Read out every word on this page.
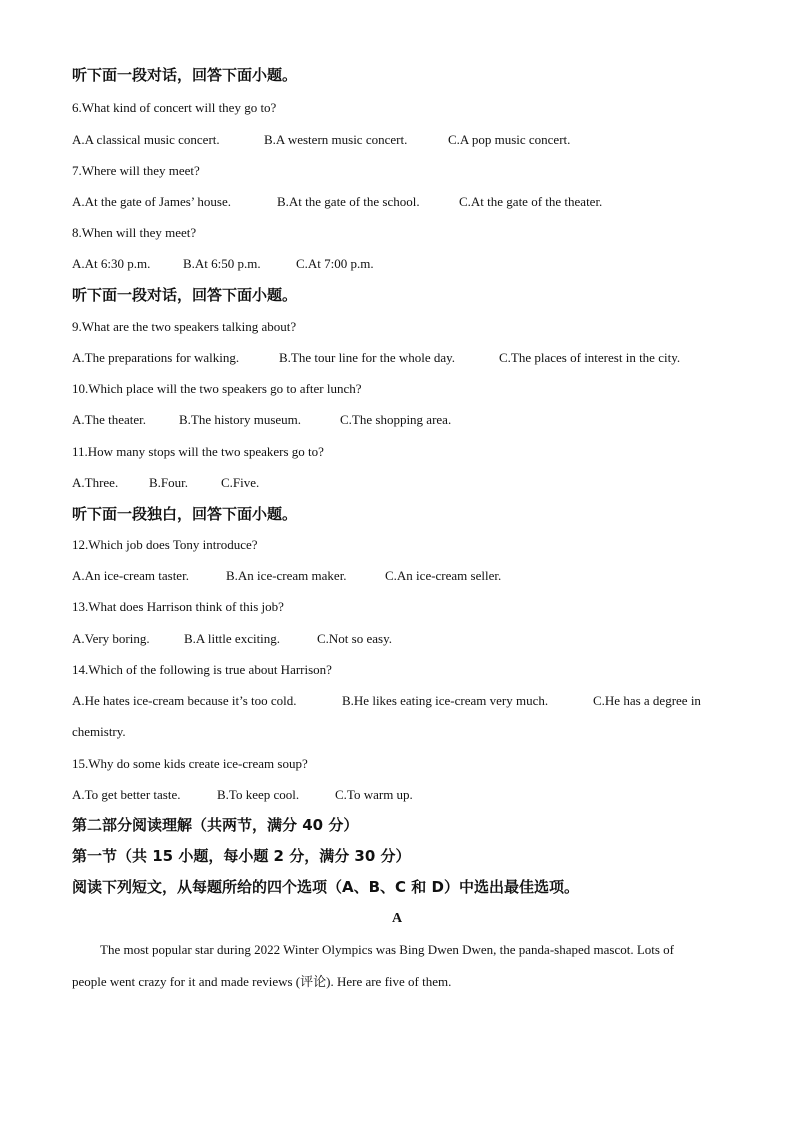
听下面一段对话，回答下面小题。
6.What kind of concert will they go to?
A.A classical music concert.	B.A western music concert.	C.A pop music concert.
7.Where will they meet?
A.At the gate of James’ house.	B.At the gate of the school.	C.At the gate of the theater.
8.When will they meet?
A.At 6:30 p.m.	B.At 6:50 p.m.	C.At 7:00 p.m.
听下面一段对话，回答下面小题。
9.What are the two speakers talking about?
A.The preparations for walking.	B.The tour line for the whole day.	C.The places of interest in the city.
10.Which place will the two speakers go to after lunch?
A.The theater.	B.The history museum.	C.The shopping area.
11.How many stops will the two speakers go to?
A.Three. B.Four.	C.Five.
听下面一段独白，回答下面小题。
12.Which job does Tony introduce?
A.An ice-cream taster.	B.An ice-cream maker.	C.An ice-cream seller.
13.What does Harrison think of this job?
A.Very boring.	B.A little exciting.	C.Not so easy.
14.Which of the following is true about Harrison?
A.He hates ice-cream because it’s too cold.	B.He likes eating ice-cream very much.	C.He has a degree in
chemistry.
15.Why do some kids create ice-cream soup?
A.To get better taste.	B.To keep cool.	C.To warm up.
第二部分阅读理解（共两节，满分 40 分）
第一节（共 15 小题，每小题 2 分，满分 30 分）
阅读下列短文，从每题所给的四个选项（A、B、C 和 D）中选出最佳选项。
A
The most popular star during 2022 Winter Olympics was Bing Dwen Dwen, the panda-shaped mascot. Lots of
people went crazy for it and made reviews (评论). Here are five of them.
